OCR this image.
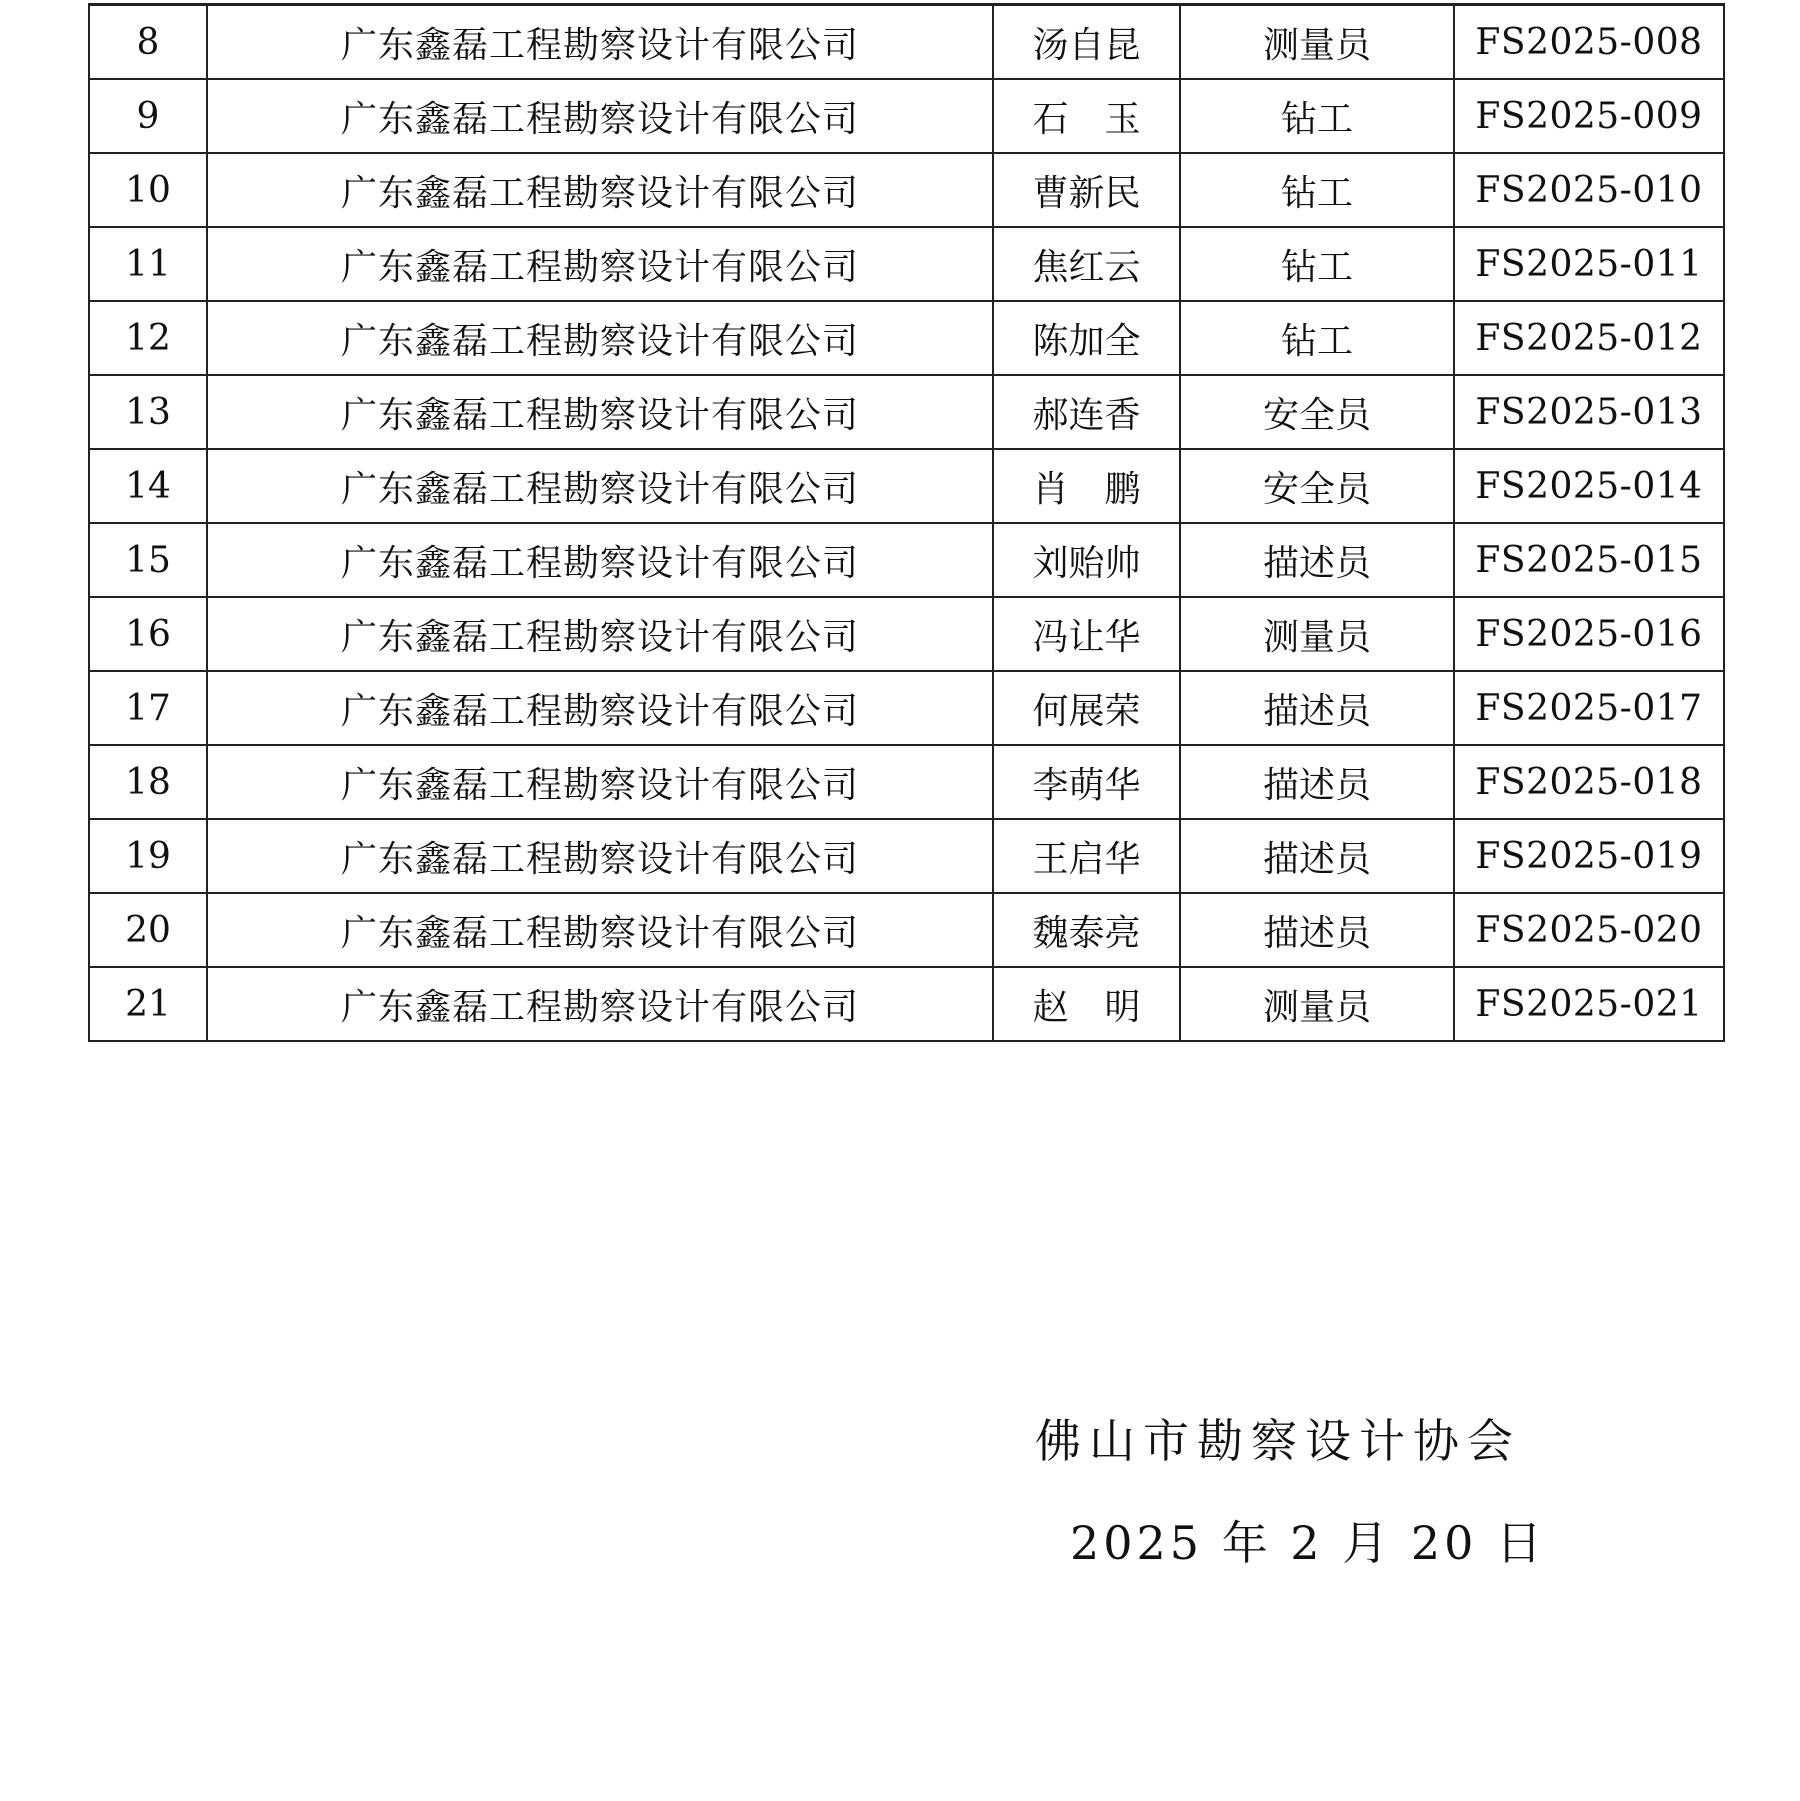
8	广东鑫磊工程勘察设计有限公司	汤自昆	测量员	FS2025-008
9	广东鑫磊工程勘察设计有限公司	石　玉	钻工	FS2025-009
10	广东鑫磊工程勘察设计有限公司	曹新民	钻工	FS2025-010
11	广东鑫磊工程勘察设计有限公司	焦红云	钻工	FS2025-011
12	广东鑫磊工程勘察设计有限公司	陈加全	钻工	FS2025-012
13	广东鑫磊工程勘察设计有限公司	郝连香	安全员	FS2025-013
14	广东鑫磊工程勘察设计有限公司	肖　鹏	安全员	FS2025-014
15	广东鑫磊工程勘察设计有限公司	刘贻帅	描述员	FS2025-015
16	广东鑫磊工程勘察设计有限公司	冯让华	测量员	FS2025-016
17	广东鑫磊工程勘察设计有限公司	何展荣	描述员	FS2025-017
18	广东鑫磊工程勘察设计有限公司	李萌华	描述员	FS2025-018
19	广东鑫磊工程勘察设计有限公司	王启华	描述员	FS2025-019
20	广东鑫磊工程勘察设计有限公司	魏泰亮	描述员	FS2025-020
21	广东鑫磊工程勘察设计有限公司	赵　明	测量员	FS2025-021
佛山市勘察设计协会
2025 年 2 月 20 日
